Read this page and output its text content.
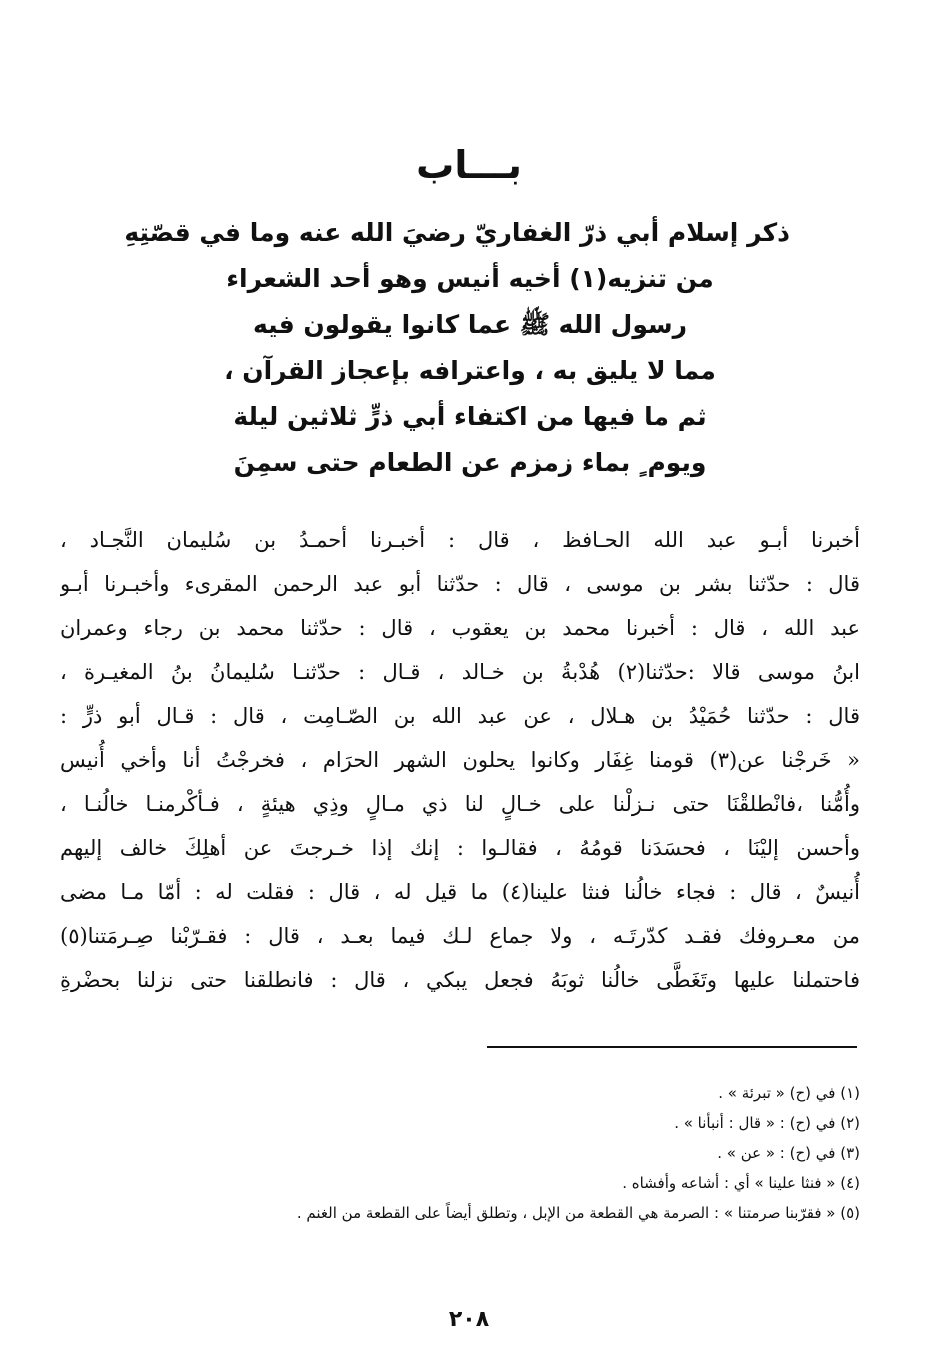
بـــاب
ذكر إسلام أبي ذرّ الغفاريّ رضيَ الله عنه وما في قصّتِهِ
من تنزيه(١) أخيه أنيس وهو أحد الشعراء
رسول الله ﷺ عما كانوا يقولون فيه
مما لا يليق به ، واعترافه بإعجاز القرآن ،
ثم ما فيها من اكتفاء أبي ذرٍّ ثلاثين ليلة
ويوم ٍ بماء زمزم عن الطعام حتى سمِنَ
أخبرنا أبـو عبد الله الحـافظ ، قال : أخبـرنا أحمـدُ بن سُليمان النَّجـاد ،
قال : حدّثنا بشر بن موسى ، قال : حدّثنا أبو عبد الرحمن المقرىء وأخبـرنا أبـو
عبد الله ، قال : أخبرنا محمد بن يعقوب ، قال : حدّثنا محمد بن رجاء وعمران
ابنُ موسى قالا :حدّثنا(٢) هُدْبةُ بن خـالد ، قـال : حدّثنـا سُليمانُ بنُ المغيـرة ،
قال : حدّثنا حُمَيْدُ بن هـلال ، عن عبد الله بن الصّـامِت ، قال : قـال أبو ذرٍّ :
« خَرجْنا عن(٣) قومنا غِفَار وكانوا يحلون الشهر الحرَام ، فخرجْتُ أنا وأخي أُنيس
وأُمُّنا ،فانْطلقْنَا حتى نـزلْنا على خـالٍ لنا ذي مـالٍ وذِي هيئةٍ ، فـأكْرمنـا خالُنـا ،
وأحسن إليْنَا ، فحسَدَنا قومُهُ ، فقالـوا : إنك إذا خـرجتَ عن أهلِكَ خالف إليهم
أُنيسٌ ، قال : فجاء خالُنا فنثا علينا(٤) ما قيل له ، قال : فقلت له : أمّا مـا مضى
من معـروفك فقـد كدّرتَـه ، ولا جماع لـك فيما بعـد ، قال : فقـرّبْنا صِـرمَتنا(٥)
فاحتملنا عليها وتَغَطَّى خالُنا ثوبَهُ فجعل يبكي ، قال : فانطلقنا حتى نزلنا بحضْرةِ
(١) في (ح) « تبرئة » .
(٢) في (ح) : « قال : أنبأنا » .
(٣) في (ح) : « عن » .
(٤) « فنثا علينا » أي : أشاعه وأفشاه .
(٥) « فقرّبنا صرمتنا » : الصرمة هي القطعة من الإبل ، وتطلق أيضاً على القطعة من الغنم .
٢٠٨
